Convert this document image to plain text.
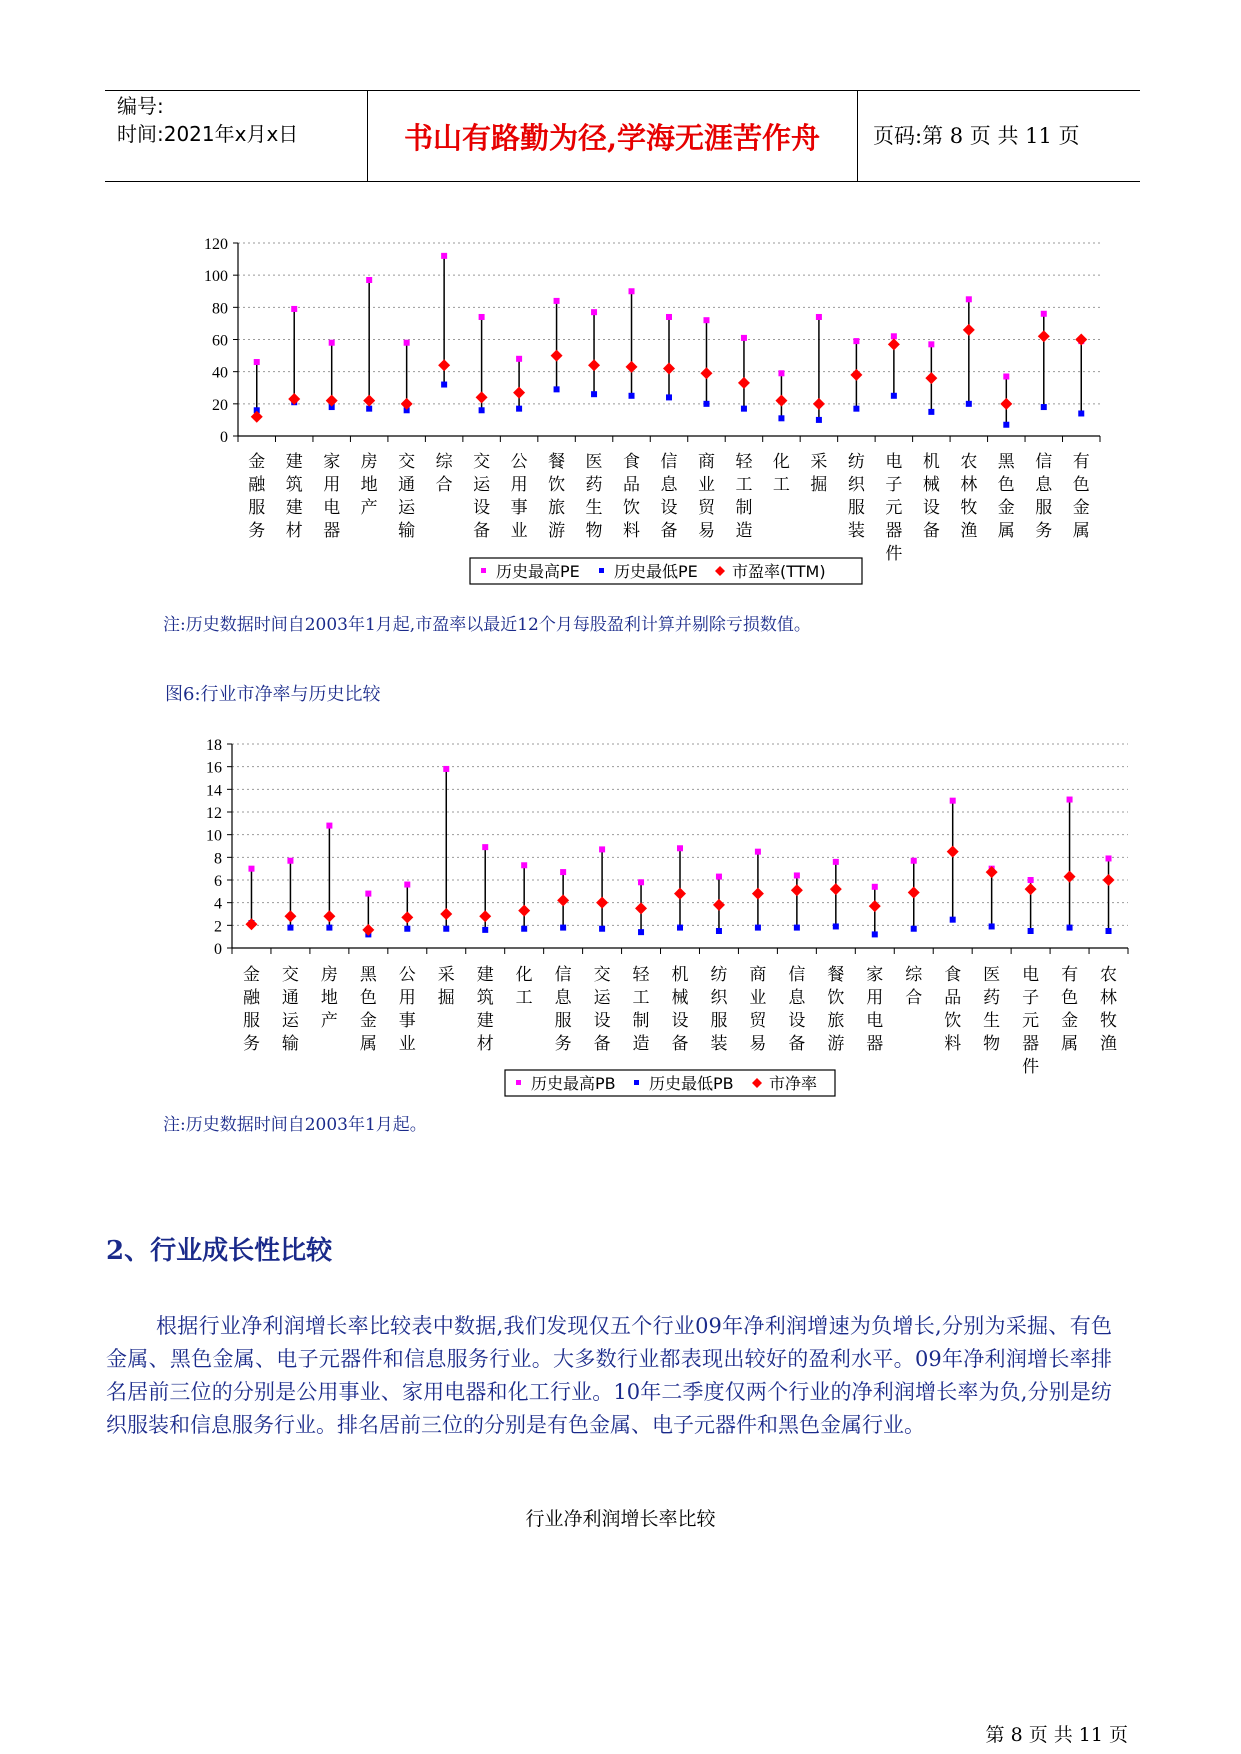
编号:
时间:2021年x月x日	书山有路勤为径,学海无涯苦作舟	页码:第 8 页 共 11 页
0
20
40
60
80
100
120
金融服务
建筑建材
家用电器
房地产
交通运输
综合
交运设备
公用事业
餐饮旅游
医药生物
食品饮料
信息设备
商业贸易
轻工制造
化工
采掘
纺织服装
电子元器件
机械设备
农林牧渔
黑色金属
信息服务
有色金属
历史最高PE 历史最低PE 市盈率(TTM)
注:历史数据时间自2003年1月起,市盈率以最近12个月每股盈利计算并剔除亏损数值。
图6:行业市净率与历史比较
0
2
4
6
8
10
12
14
16
18
金融服务
交通运输
房地产
黑色金属
公用事业
采掘
建筑建材
化工
信息服务
交运设备
轻工制造
机械设备
纺织服装
商业贸易
信息设备
餐饮旅游
家用电器
综合
食品饮料
医药生物
电子元器件
有色金属
农林牧渔
历史最高PB 历史最低PB 市净率
注:历史数据时间自2003年1月起。
2、行业成长性比较
根据行业净利润增长率比较表中数据,我们发现仅五个行业09年净利润增速为负增长,分别为采掘、有色金属、黑色金属、电子元器件和信息服务行业。大多数行业都表现出较好的盈利水平。09年净利润增长率排名居前三位的分别是公用事业、家用电器和化工行业。10年二季度仅两个行业的净利润增长率为负,分别是纺织服装和信息服务行业。排名居前三位的分别是有色金属、电子元器件和黑色金属行业。
行业净利润增长率比较
第 8 页 共 11 页
